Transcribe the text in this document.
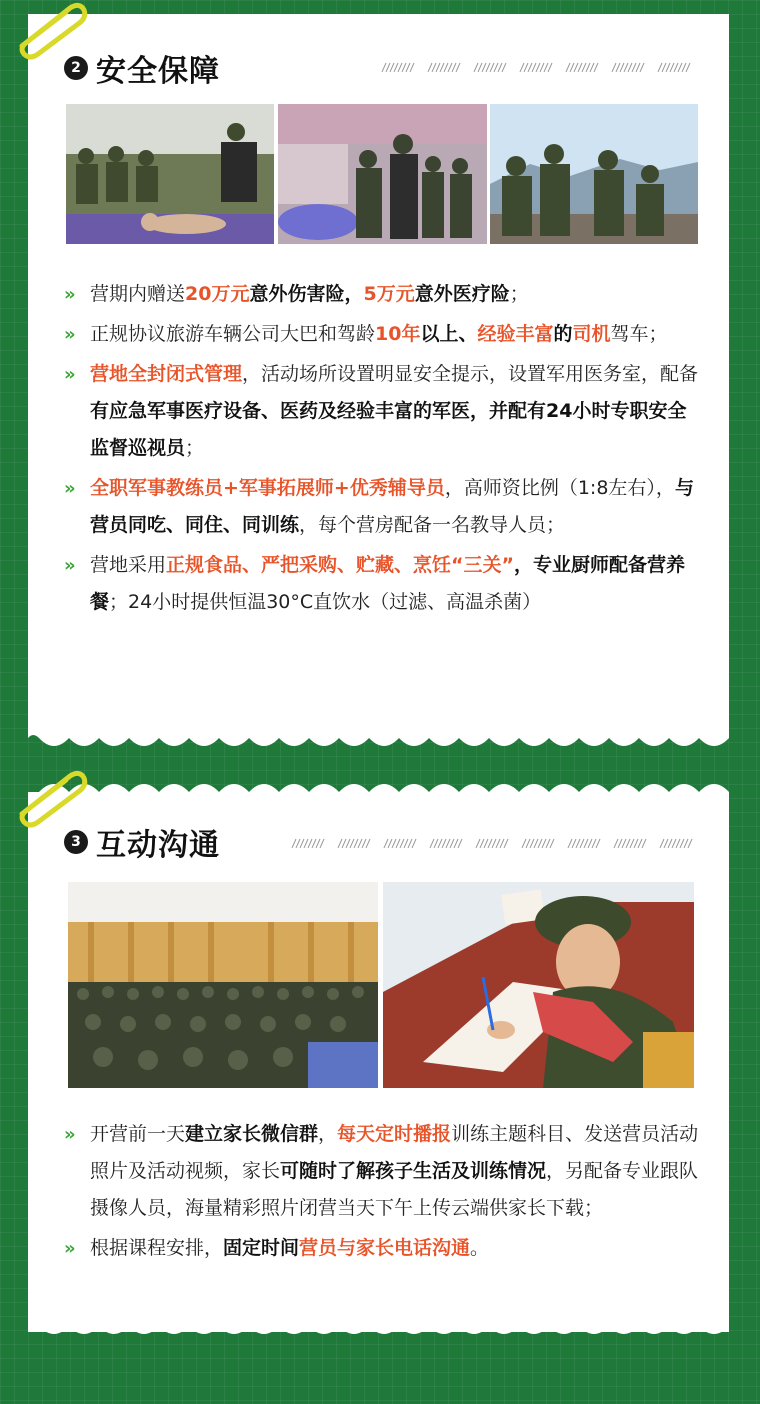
2 安全保障
» 营期内赠送20万元意外伤害险，5万元意外医疗险；
» 正规协议旅游车辆公司大巴和驾龄10年以上、经验丰富的司机驾车；
» 营地全封闭式管理，活动场所设置明显安全提示，设置军用医务室，配备有应急军事医疗设备、医药及经验丰富的军医，并配有24小时专职安全监督巡视员；
» 全职军事教练员+军事拓展师+优秀辅导员，高师资比例（1:8左右），与营员同吃、同住、同训练，每个营房配备一名教导人员；
» 营地采用正规食品、严把采购、贮藏、烹饪“三关”，专业厨师配备营养餐；24小时提供恒温30°C直饮水（过滤、高温杀菌）
3 互动沟通
» 开营前一天建立家长微信群，每天定时播报训练主题科目、发送营员活动照片及活动视频，家长可随时了解孩子生活及训练情况，另配备专业跟队摄像人员，海量精彩照片闭营当天下午上传云端供家长下载；
» 根据课程安排，固定时间营员与家长电话沟通。
